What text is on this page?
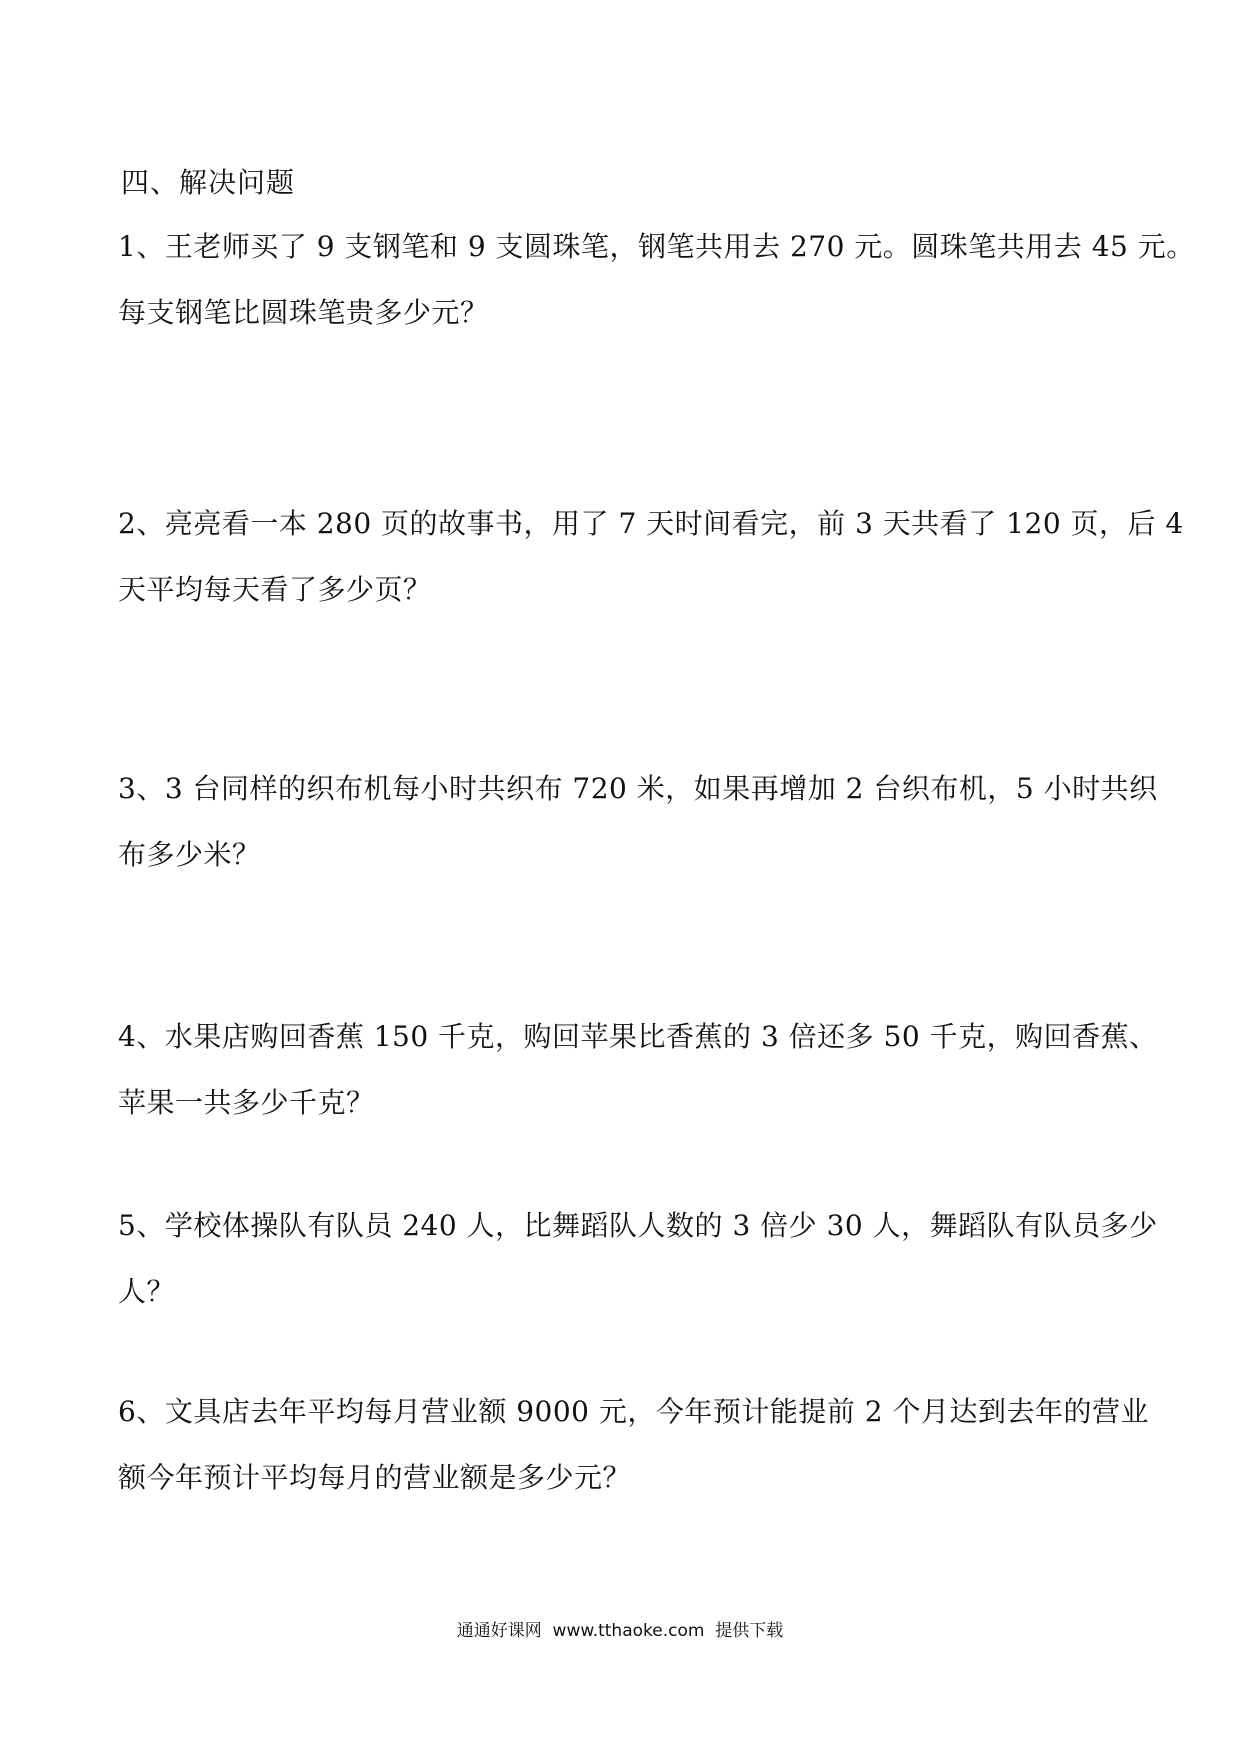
四、解决问题
1、王老师买了 9 支钢笔和 9 支圆珠笔，钢笔共用去 270 元。圆珠笔共用去 45 元。
每支钢笔比圆珠笔贵多少元？
2、亮亮看一本 280 页的故事书，用了 7 天时间看完，前 3 天共看了 120 页，后 4
天平均每天看了多少页？
3、3 台同样的织布机每小时共织布 720 米，如果再增加 2 台织布机，5 小时共织
布多少米？
4、水果店购回香蕉 150 千克，购回苹果比香蕉的 3 倍还多 50 千克，购回香蕉、
苹果一共多少千克？
5、学校体操队有队员 240 人，比舞蹈队人数的 3 倍少 30 人，舞蹈队有队员多少
人？
6、文具店去年平均每月营业额 9000 元，今年预计能提前 2 个月达到去年的营业
额今年预计平均每月的营业额是多少元？
通通好课网  www.tthaoke.com  提供下载
